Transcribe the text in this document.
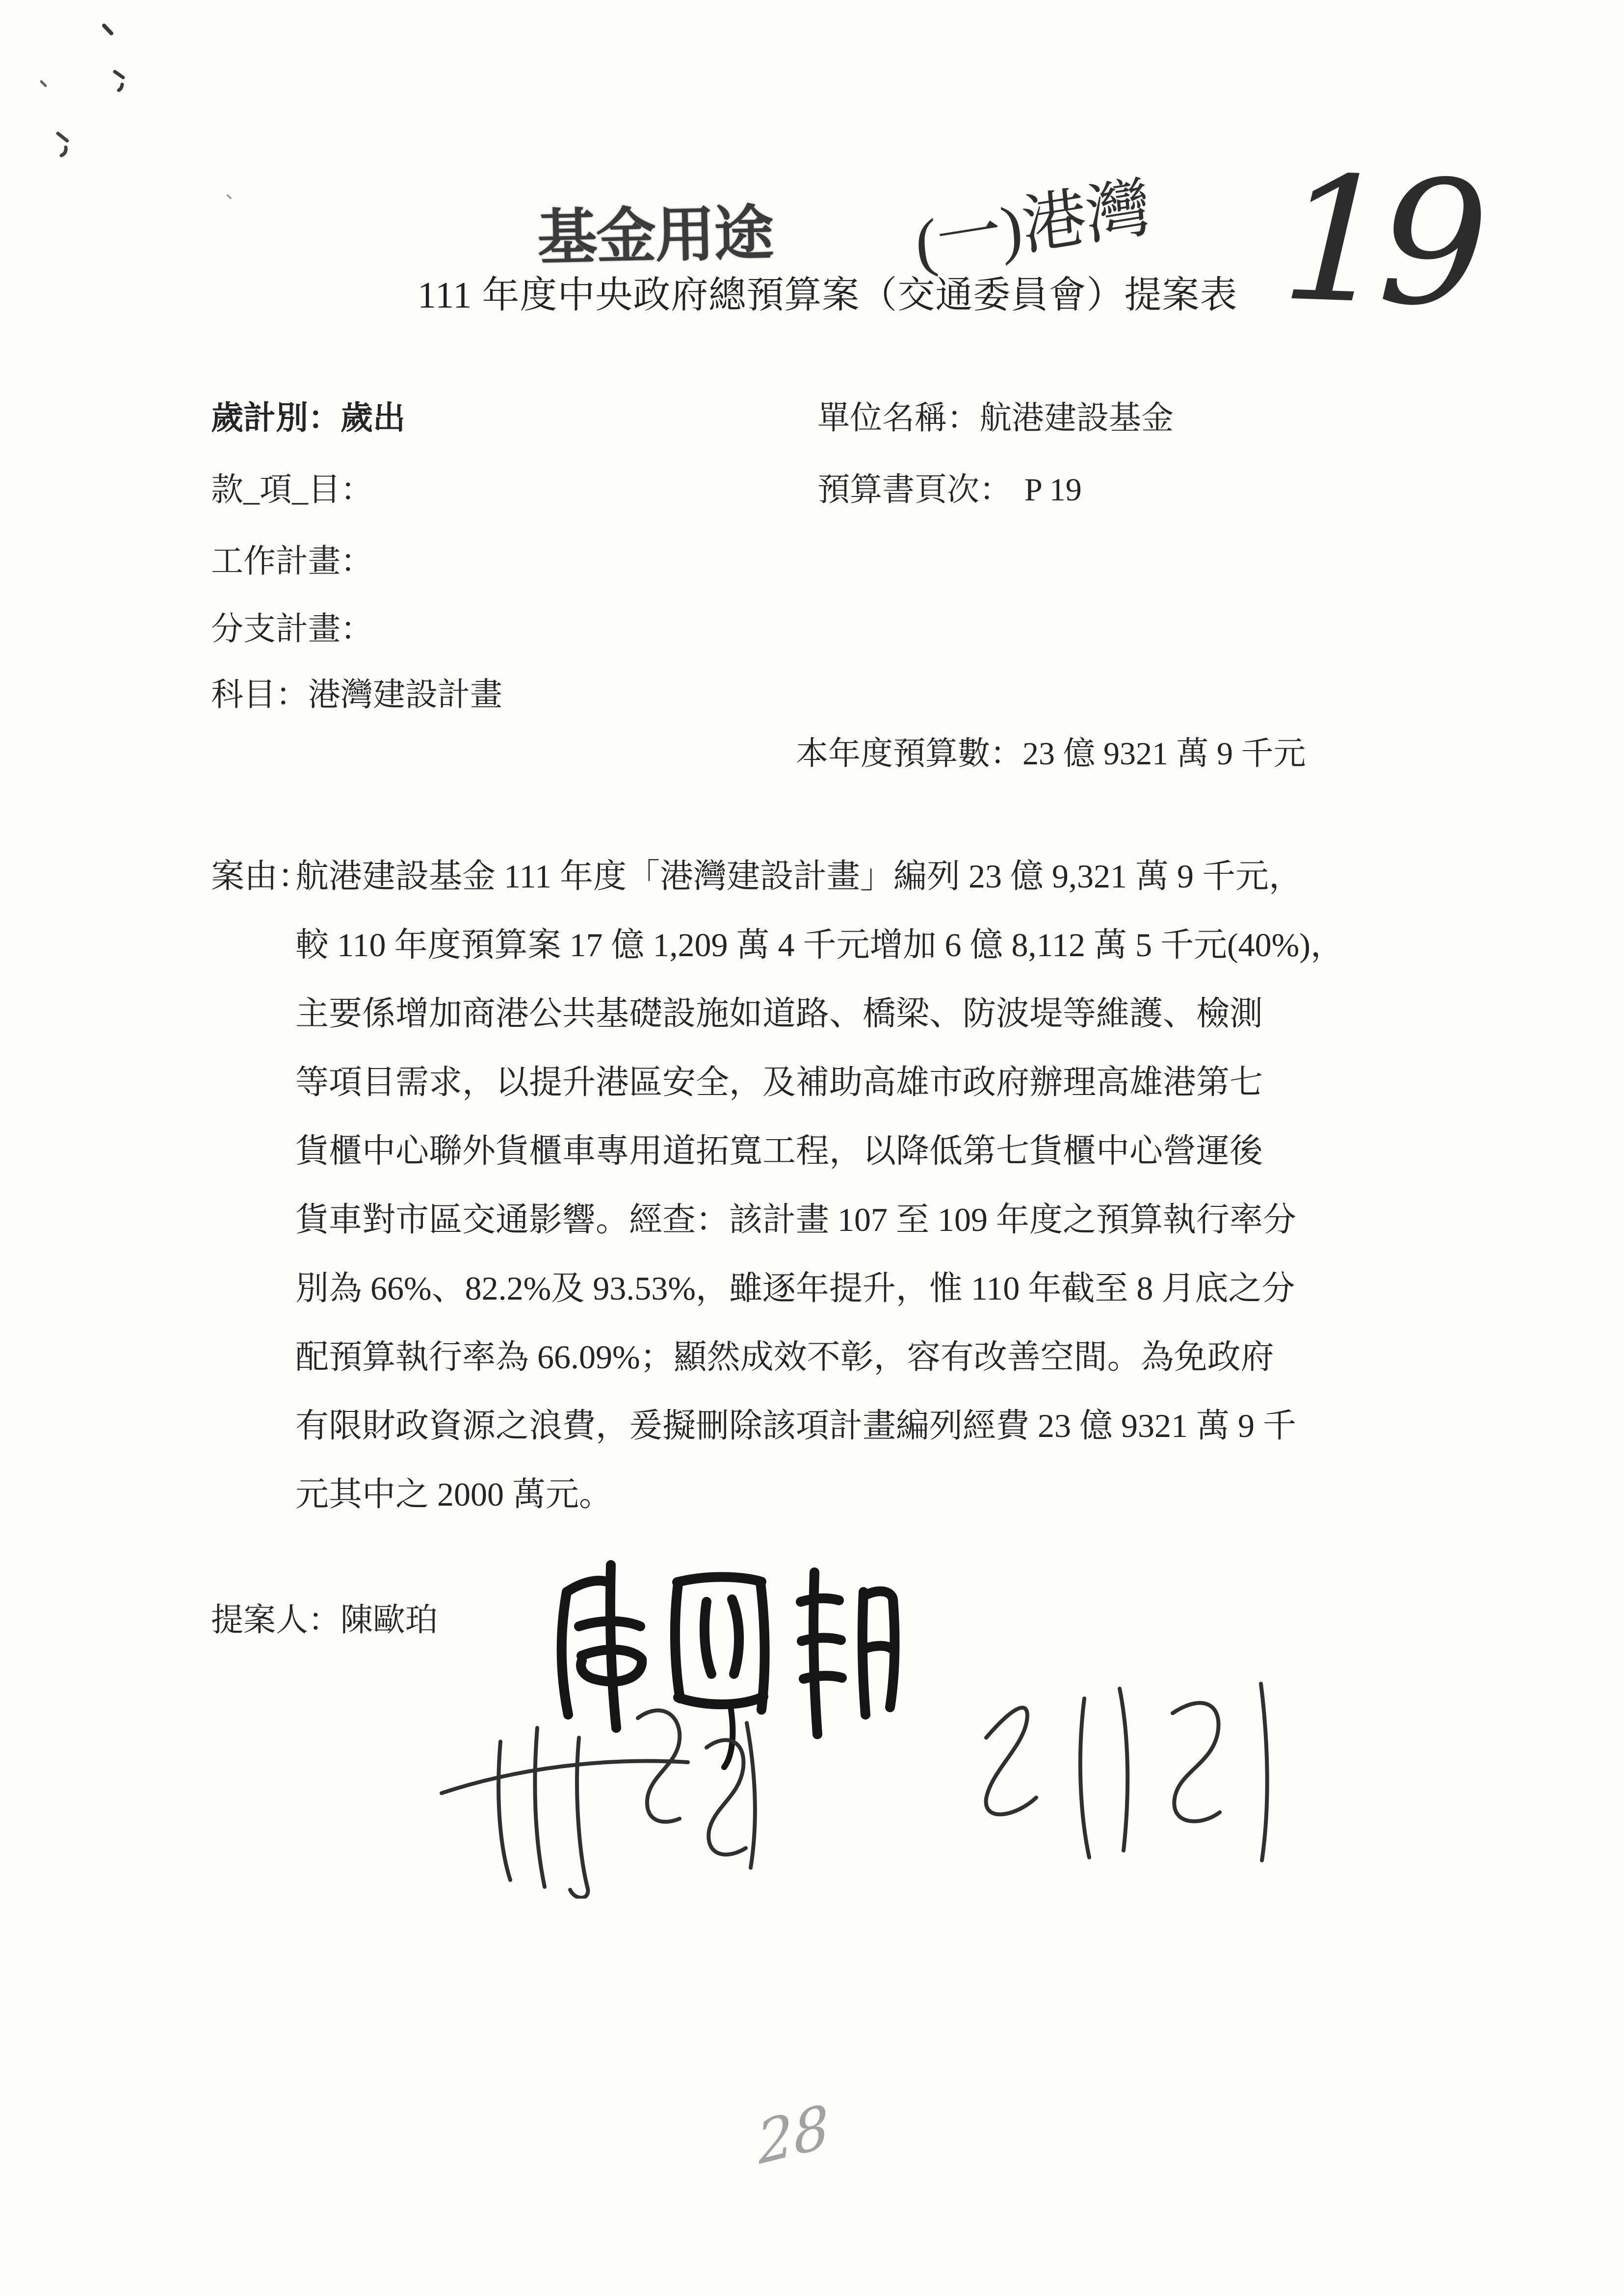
基金用途 (一)港灣 19
111 年度中央政府總預算案（交通委員會）提案表
歲計別：歲出
款_項_目：
工作計畫：
分支計畫：
科目：港灣建設計畫
單位名稱：航港建設基金
預算書頁次： P 19
本年度預算數：23 億 9321 萬 9 千元
案由：
航港建設基金 111 年度「港灣建設計畫」編列 23 億 9,321 萬 9 千元，
較 110 年度預算案 17 億 1,209 萬 4 千元增加 6 億 8,112 萬 5 千元(40%)，
主要係增加商港公共基礎設施如道路、橋梁、防波堤等維護、檢測
等項目需求，以提升港區安全，及補助高雄市政府辦理高雄港第七
貨櫃中心聯外貨櫃車專用道拓寬工程，以降低第七貨櫃中心營運後
貨車對市區交通影響。經查：該計畫 107 至 109 年度之預算執行率分
別為 66%、82.2%及 93.53%，雖逐年提升，惟 110 年截至 8 月底之分
配預算執行率為 66.09%；顯然成效不彰，容有改善空間。為免政府
有限財政資源之浪費，爰擬刪除該項計畫編列經費 23 億 9321 萬 9 千
元其中之 2000 萬元。
提案人：陳歐珀
28
